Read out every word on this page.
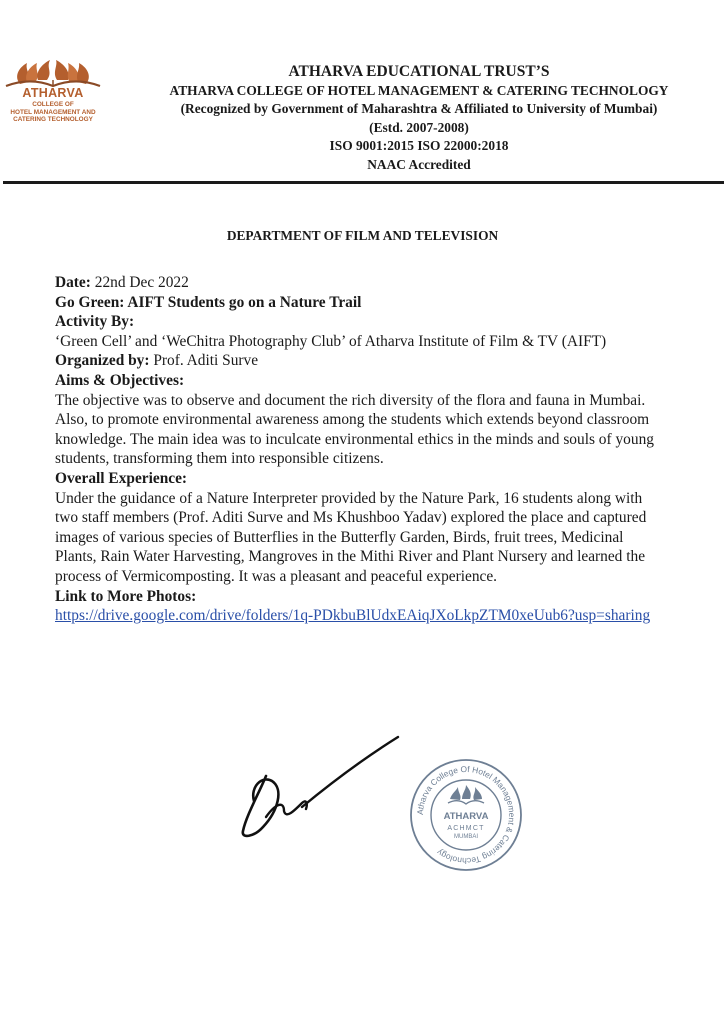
ATHARVA
COLLEGE OF
HOTEL MANAGEMENT AND
CATERING TECHNOLOGY
ATHARVA EDUCATIONAL TRUST’S
ATHARVA COLLEGE OF HOTEL MANAGEMENT & CATERING TECHNOLOGY
(Recognized by Government of Maharashtra & Affiliated to University of Mumbai)
(Estd. 2007-2008)
ISO 9001:2015 ISO 22000:2018
NAAC Accredited
DEPARTMENT OF FILM AND TELEVISION

Date: 22nd Dec 2022

Go Green: AIFT Students go on a Nature Trail

Activity By:

‘Green Cell’ and ‘WeChitra Photography Club’ of Atharva Institute of Film & TV (AIFT)

Organized by: Prof. Aditi Surve

Aims & Objectives:

The objective was to observe and document the rich diversity of the flora and fauna in Mumbai. Also, to promote environmental awareness among the students which extends beyond classroom knowledge. The main idea was to inculcate environmental ethics in the minds and souls of young students, transforming them into responsible citizens.

Overall Experience:

Under the guidance of a Nature Interpreter provided by the Nature Park, 16 students along with two staff members (Prof. Aditi Surve and Ms Khushboo Yadav) explored the place and captured images of various species of Butterflies in the Butterfly Garden, Birds, fruit trees, Medicinal Plants, Rain Water Harvesting, Mangroves in the Mithi River and Plant Nursery and learned the process of Vermicomposting. It was a pleasant and peaceful experience.

Link to More Photos:

https://drive.google.com/drive/folders/1q-PDkbuBlUdxEAiqJXoLkpZTM0xeUub6?usp=sharing

Atharva College Of Hotel Management & Catering Technology
ATHARVA
ACHMCT
MUMBAI
